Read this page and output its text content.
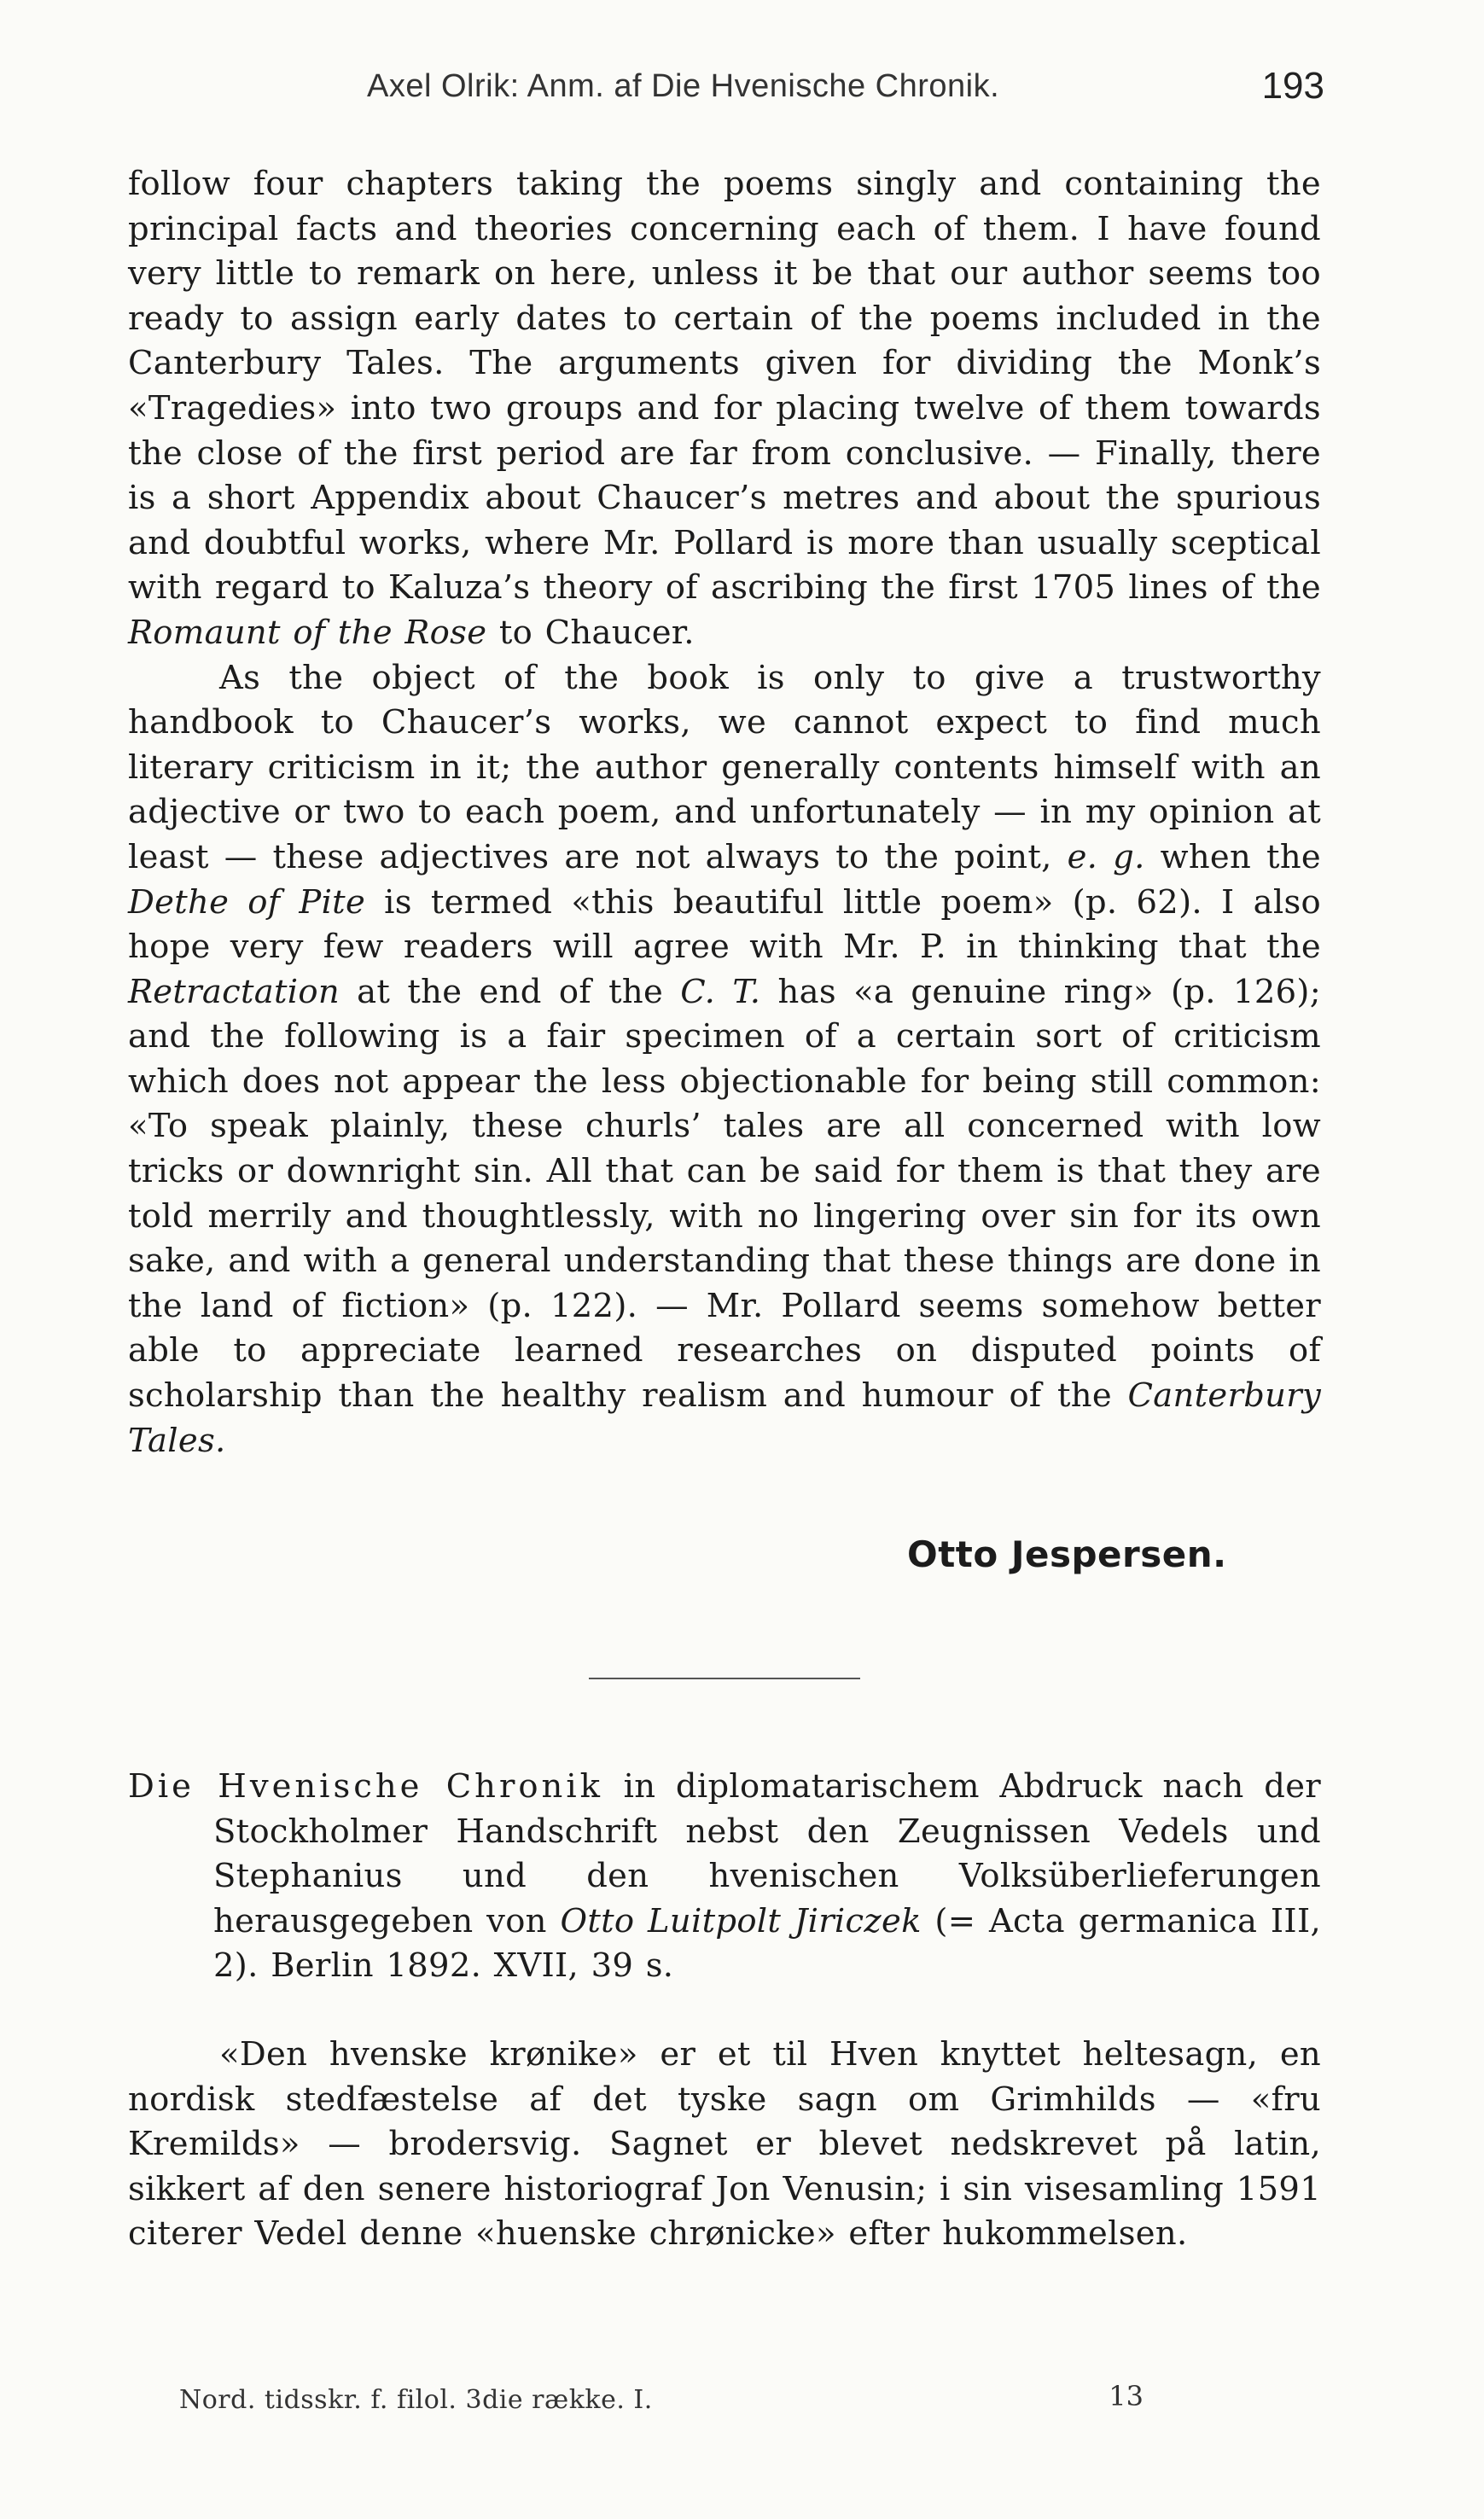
Axel Olrik: Anm. af Die Hvenische Chronik.	193

follow four chapters taking the poems singly and containing the principal facts and theories concerning each of them. I have found very little to remark on here, unless it be that our author seems too ready to assign early dates to certain of the poems included in the Canterbury Tales. The arguments given for dividing the Monk’s «Tragedies» into two groups and for placing twelve of them towards the close of the first period are far from conclusive. — Finally, there is a short Appendix about Chaucer’s metres and about the spurious and doubtful works, where Mr. Pollard is more than usually sceptical with regard to Kaluza’s theory of ascribing the first 1705 lines of the Romaunt of the Rose to Chaucer.

As the object of the book is only to give a trustworthy handbook to Chaucer’s works, we cannot expect to find much literary criticism in it; the author generally contents himself with an adjective or two to each poem, and unfortunately — in my opinion at least — these adjectives are not always to the point, e. g. when the Dethe of Pite is termed «this beautiful little poem» (p. 62). I also hope very few readers will agree with Mr. P. in thinking that the Retractation at the end of the C. T. has «a genuine ring» (p. 126); and the following is a fair specimen of a certain sort of criticism which does not appear the less objectionable for being still common: «To speak plainly, these churls’ tales are all concerned with low tricks or downright sin. All that can be said for them is that they are told merrily and thoughtlessly, with no lingering over sin for its own sake, and with a general understanding that these things are done in the land of fiction» (p. 122). — Mr. Pollard seems somehow better able to appreciate learned researches on disputed points of scholarship than the healthy realism and humour of the Canterbury Tales.

Otto Jespersen.

Die Hvenische Chronik in diplomatarischem Abdruck nach der Stockholmer Handschrift nebst den Zeugnissen Vedels und Stephanius und den hvenischen Volksüberlieferungen herausgegeben von Otto Luitpolt Jiriczek (= Acta germanica III, 2). Berlin 1892. XVII, 39 s.

«Den hvenske krønike» er et til Hven knyttet heltesagn, en nordisk stedfæstelse af det tyske sagn om Grimhilds — «fru Kremilds» — brodersvig. Sagnet er blevet nedskrevet på latin, sikkert af den senere historiograf Jon Venusin; i sin visesamling 1591 citerer Vedel denne «huenske chrønicke» efter hukommelsen.

Nord. tidsskr. f. filol. 3die række. I.	13
